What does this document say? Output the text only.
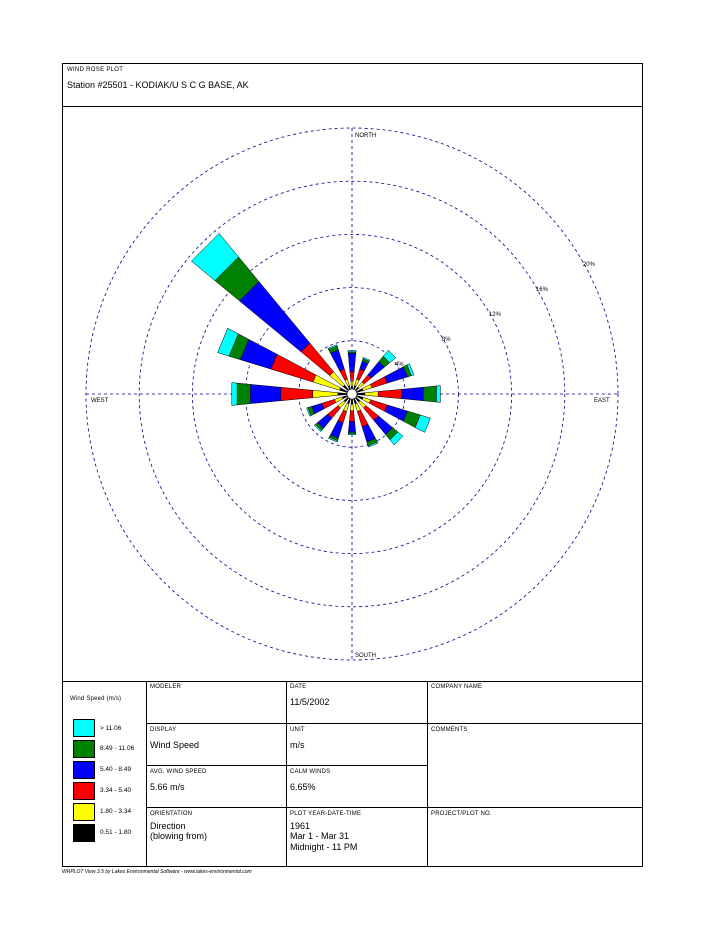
WIND ROSE PLOT
Station #25501 - KODIAK/U S C G BASE, AK
NORTH
SOUTH
EAST
WEST
4%
8%
12%
16%
20%
Wind Speed (m/s)
> 11.06
8.49 - 11.06
5.40 - 8.49
3.34 - 5.40
1.80 - 3.34
0.51 - 1.80
MODELER	DATE
11/5/2002
COMPANY NAME
DISPLAY
Wind Speed
UNIT
m/s
COMMENTS
AVG. WIND SPEED
5.66 m/s
CALM WINDS
6.65%
ORIENTATION
Direction
(blowing from)
PLOT YEAR-DATE-TIME
1961
Mar 1 - Mar 31
Midnight - 11 PM
PROJECT/PLOT NO.
WRPLOT View 3.5 by Lakes Environmental Software - www.lakes-environmental.com
